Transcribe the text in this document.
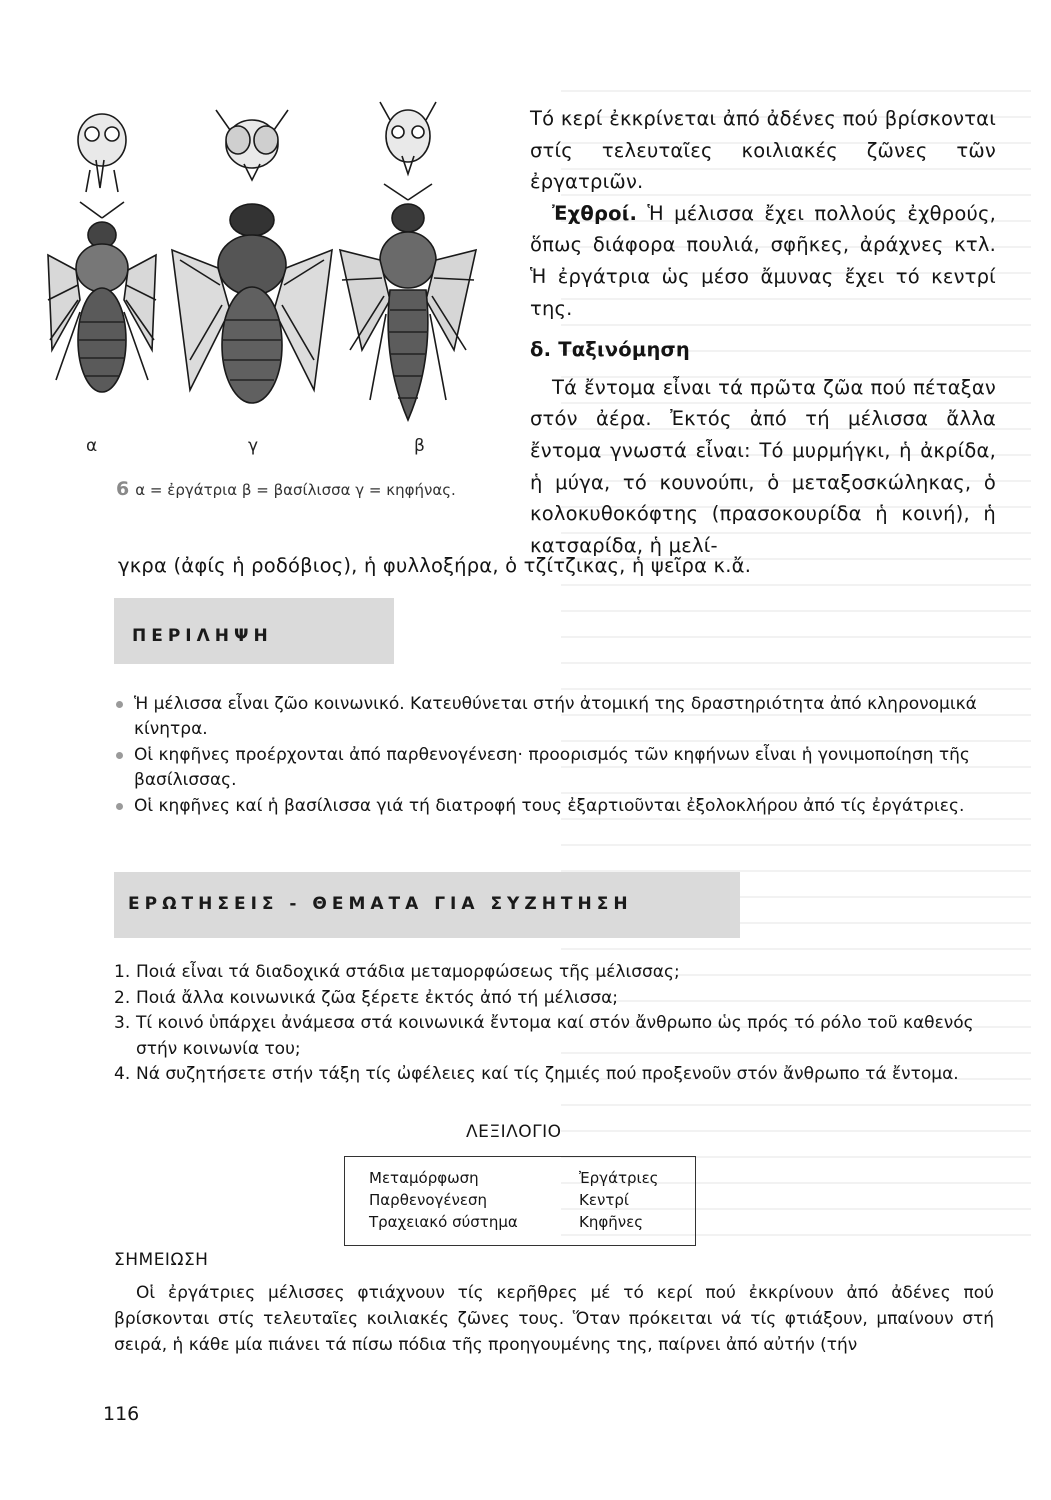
α	γ	β
6 α = ἐργάτρια β = βασίλισσα γ = κηφήνας.

Τό κερί ἐκκρίνεται ἀπό ἀδένες πού βρίσκονται στίς τελευταῖες κοιλιακές ζῶνες τῶν ἐργατριῶν.

Ἐχθροί. Ἡ μέλισσα ἔχει πολλούς ἐχθρούς, ὅπως διάφορα πουλιά, σφῆκες, ἀράχνες κτλ. Ἡ ἐργάτρια ὡς μέσο ἄμυνας ἔχει τό κεντρί της.

δ. Ταξινόμηση

Τά ἔντομα εἶναι τά πρῶτα ζῶα πού πέταξαν στόν ἀέρα. Ἐκτός ἀπό τή μέλισσα ἄλλα ἔντομα γνωστά εἶναι: Τό μυρμήγκι, ἡ ἀκρίδα, ἡ μύγα, τό κουνούπι, ὁ μεταξοσκώληκας, ὁ κολοκυθοκόφτης (πρασοκουρίδα ἡ κοινή), ἡ κατσαρίδα, ἡ μελί-

γκρα (ἀφίς ἡ ροδόβιος), ἡ φυλλοξήρα, ὁ τζίτζικας, ἡ ψεῖρα κ.ἄ.
ΠΕΡΙΛΗΨΗ
Ἡ μέλισσα εἶναι ζῶο κοινωνικό. Κατευθύνεται στήν ἀτομική της δραστηριότητα ἀπό κληρονομικά κίνητρα.
Οἱ κηφῆνες προέρχονται ἀπό παρθενογένεση· προορισμός τῶν κηφήνων εἶναι ἡ γονιμοποίηση τῆς βασίλισσας.
Οἱ κηφῆνες καί ἡ βασίλισσα γιά τή διατροφή τους ἐξαρτιοῦνται ἐξολοκλήρου ἀπό τίς ἐργάτριες.
ΕΡΩΤΗΣΕΙΣ - ΘΕΜΑΤΑ ΓΙΑ ΣΥΖΗΤΗΣΗ
1. Ποιά εἶναι τά διαδοχικά στάδια μεταμορφώσεως τῆς μέλισσας;
2. Ποιά ἄλλα κοινωνικά ζῶα ξέρετε ἐκτός ἀπό τή μέλισσα;
3. Τί κοινό ὑπάρχει ἀνάμεσα στά κοινωνικά ἔντομα καί στόν ἄνθρωπο ὡς πρός τό ρόλο τοῦ καθενός στήν κοινωνία του;
4. Νά συζητήσετε στήν τάξη τίς ὠφέλειες καί τίς ζημιές πού προξενοῦν στόν ἄνθρωπο τά ἔντομα.
ΛΕΞΙΛΟΓΙΟ
Μεταμόρφωση
Παρθενογένεση
Τραχειακό σύστημα
Ἐργάτριες
Κεντρί
Κηφῆνες
ΣΗΜΕΙΩΣΗ
Οἱ ἐργάτριες μέλισσες φτιάχνουν τίς κερῆθρες μέ τό κερί πού ἐκκρίνουν ἀπό ἀδένες πού βρίσκονται στίς τελευταῖες κοιλιακές ζῶνες τους. Ὅταν πρόκειται νά τίς φτιάξουν, μπαίνουν στή σειρά, ἡ κάθε μία πιάνει τά πίσω πόδια τῆς προηγουμένης της, παίρνει ἀπό αὐτήν (τήν
116
